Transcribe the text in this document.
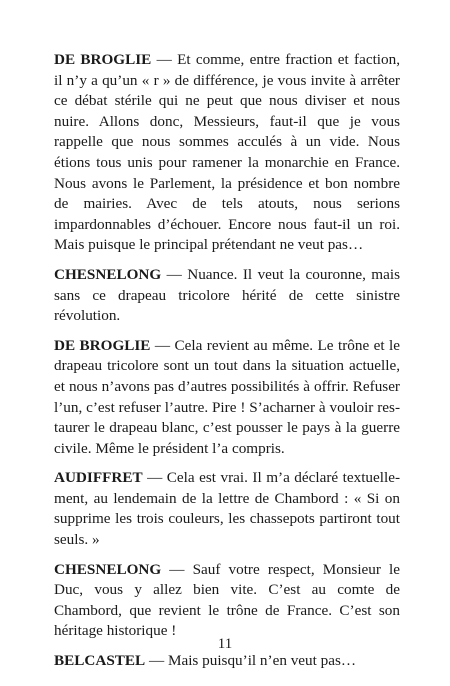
DE BROGLIE — Et comme, entre fraction et faction, il n’y a qu’un « r » de différence, je vous invite à arrêter ce débat stérile qui ne peut que nous diviser et nous nuire. Allons donc, Messieurs, faut-il que je vous rappelle que nous sommes acculés à un vide. Nous étions tous unis pour ramener la monarchie en France. Nous avons le Parlement, la présidence et bon nombre de mairies. Avec de tels atouts, nous serions impardonnables d’échouer. Encore nous faut-il un roi. Mais puisque le principal prétendant ne veut pas…

CHESNELONG — Nuance. Il veut la couronne, mais sans ce drapeau tricolore hérité de cette sinistre révolution.

DE BROGLIE — Cela revient au même. Le trône et le drapeau tricolore sont un tout dans la situation actuelle, et nous n’avons pas d’autres possibilités à offrir. Refuser l’un, c’est refuser l’autre. Pire ! S’acharner à vouloir restaurer le drapeau blanc, c’est pousser le pays à la guerre civile. Même le président l’a compris.

AUDIFFRET — Cela est vrai. Il m’a déclaré textuellement, au lendemain de la lettre de Chambord : « Si on supprime les trois couleurs, les chassepots partiront tout seuls. »

CHESNELONG — Sauf votre respect, Monsieur le Duc, vous y allez bien vite. C’est au comte de Chambord, que revient le trône de France. C’est son héritage historique !

BELCASTEL — Mais puisqu’il n’en veut pas…

11
